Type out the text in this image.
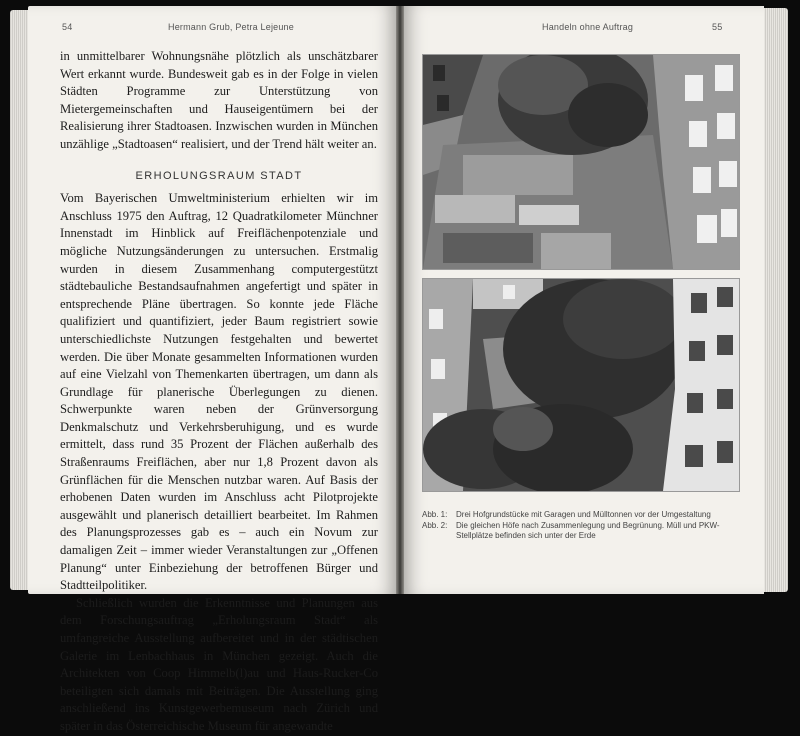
54	Hermann Grub, Petra Lejeune

in unmittelbarer Wohnungsnähe plötzlich als unschätzbarer Wert erkannt wurde. Bundesweit gab es in der Folge in vielen Städten Programme zur Unterstützung von Mietergemeinschaften und Hauseigentümern bei der Realisierung ihrer Stadtoasen. Inzwischen wurden in München unzählige „Stadtoasen“ realisiert, und der Trend hält weiter an.

ERHOLUNGSRAUM STADT

Vom Bayerischen Umweltministerium erhielten wir im Anschluss 1975 den Auftrag, 12 Quadratkilometer Münchner Innenstadt im Hinblick auf Freiflächenpotenziale und mögliche Nutzungsänderungen zu untersuchen. Erstmalig wurden in diesem Zusammenhang computergestützt städtebauliche Bestandsaufnahmen angefertigt und später in entsprechende Pläne übertragen. So konnte jede Fläche qualifiziert und quantifiziert, jeder Baum registriert sowie unterschiedlichste Nutzungen festgehalten und bewertet werden. Die über Monate gesammelten Informationen wurden auf eine Vielzahl von Themenkarten übertragen, um dann als Grundlage für planerische Überlegungen zu dienen. Schwerpunkte waren neben der Grünversorgung Denkmalschutz und Verkehrsberuhigung, und es wurde ermittelt, dass rund 35 Prozent der Flächen außerhalb des Straßenraums Freiflächen, aber nur 1,8 Prozent davon als Grünflächen für die Menschen nutzbar waren. Auf Basis der erhobenen Daten wurden im Anschluss acht Pilotprojekte ausgewählt und planerisch detailliert bearbeitet. Im Rahmen des Planungsprozesses gab es – auch ein Novum zur damaligen Zeit – immer wieder Veranstaltungen zur „Offenen Planung“ unter Einbeziehung der betroffenen Bürger und Stadtteilpolitiker.

Schließlich wurden die Erkenntnisse und Planungen aus dem Forschungsauftrag „Erholungsraum Stadt“ als umfangreiche Ausstellung aufbereitet und in der städtischen Galerie im Lenbachhaus in München gezeigt. Auch die Architekten von Coop Himmelb(l)au und Haus-Rucker-Co beteiligten sich damals mit Beiträgen. Die Ausstellung ging anschließend ins Kunstgewerbemuseum nach Zürich und später in das Österreichische Museum für angewandte

Handeln ohne Auftrag	55
Abb. 1:	Drei Hofgrundstücke mit Garagen und Mülltonnen vor der Umgestaltung
Abb. 2:	Die gleichen Höfe nach Zusammenlegung und Begrünung. Müll und PKW-Stellplätze befinden sich unter der Erde
